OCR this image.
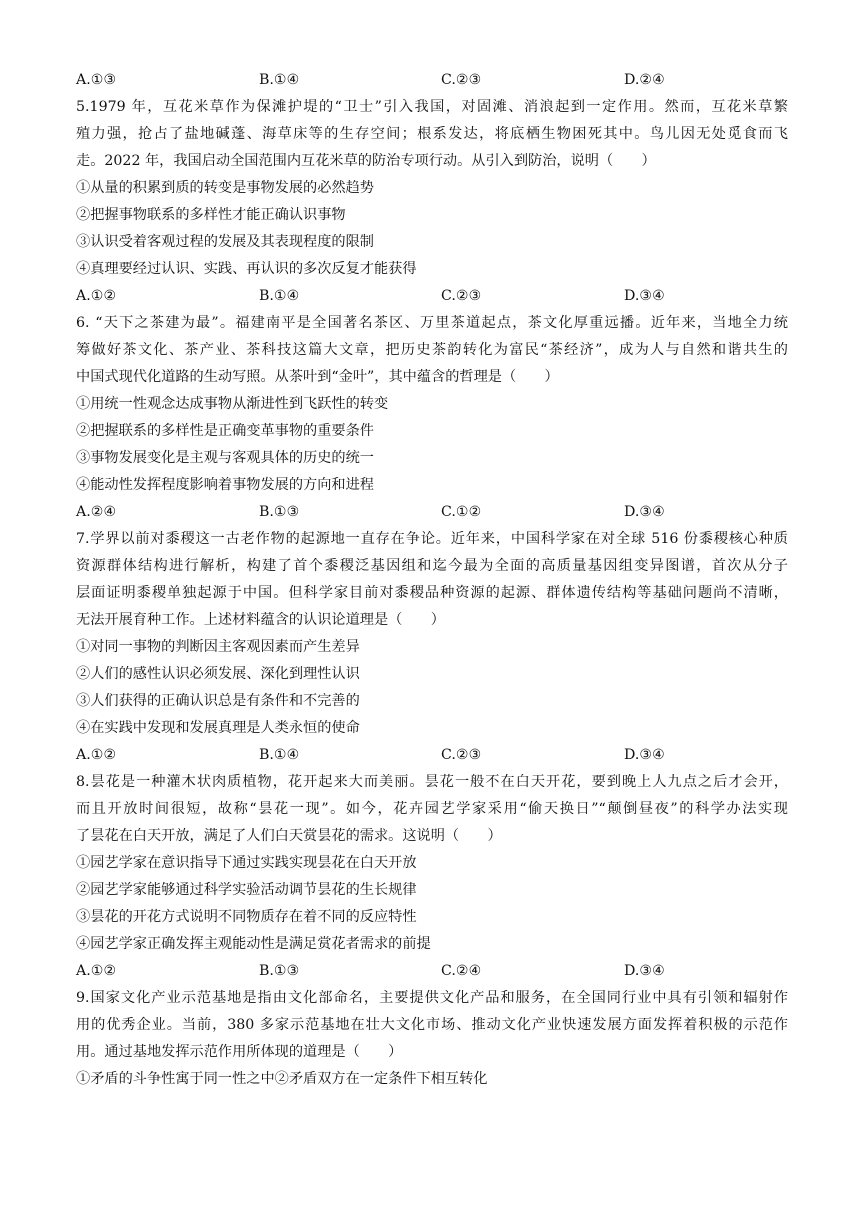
A.①③	B.①④	C.②③	D.②④
5.1979 年，互花米草作为保滩护堤的“卫士”引入我国，对固滩、消浪起到一定作用。然而，互花米草繁
殖力强，抢占了盐地碱蓬、海草床等的生存空间；根系发达，将底栖生物困死其中。鸟儿因无处觅食而飞
走。2022 年，我国启动全国范围内互花米草的防治专项行动。从引入到防治，说明（　　）
①从量的积累到质的转变是事物发展的必然趋势
②把握事物联系的多样性才能正确认识事物
③认识受着客观过程的发展及其表现程度的限制
④真理要经过认识、实践、再认识的多次反复才能获得
A.①②	B.①④	C.②③	D.③④
6. “天下之茶建为最”。福建南平是全国著名茶区、万里茶道起点，茶文化厚重远播。近年来，当地全力统
筹做好茶文化、茶产业、茶科技这篇大文章，把历史茶韵转化为富民“茶经济”，成为人与自然和谐共生的
中国式现代化道路的生动写照。从茶叶到“金叶”，其中蕴含的哲理是（　　）
①用统一性观念达成事物从渐进性到飞跃性的转变
②把握联系的多样性是正确变革事物的重要条件
③事物发展变化是主观与客观具体的历史的统一
④能动性发挥程度影响着事物发展的方向和进程
A.②④	B.①③	C.①②	D.③④
7.学界以前对黍稷这一古老作物的起源地一直存在争论。近年来，中国科学家在对全球 516 份黍稷核心种质
资源群体结构进行解析，构建了首个黍稷泛基因组和迄今最为全面的高质量基因组变异图谱，首次从分子
层面证明黍稷单独起源于中国。但科学家目前对黍稷品种资源的起源、群体遗传结构等基础问题尚不清晰，
无法开展育种工作。上述材料蕴含的认识论道理是（　　）
①对同一事物的判断因主客观因素而产生差异
②人们的感性认识必须发展、深化到理性认识
③人们获得的正确认识总是有条件和不完善的
④在实践中发现和发展真理是人类永恒的使命
A.①②	B.①④	C.②③	D.③④
8.昙花是一种灌木状肉质植物，花开起来大而美丽。昙花一般不在白天开花，要到晚上人九点之后才会开，
而且开放时间很短，故称“昙花一现”。如今，花卉园艺学家采用“偷天换日”“颠倒昼夜”的科学办法实现
了昙花在白天开放，满足了人们白天赏昙花的需求。这说明（　　）
①园艺学家在意识指导下通过实践实现昙花在白天开放
②园艺学家能够通过科学实验活动调节昙花的生长规律
③昙花的开花方式说明不同物质存在着不同的反应特性
④园艺学家正确发挥主观能动性是满足赏花者需求的前提
A.①②	B.①③	C.②④	D.③④
9.国家文化产业示范基地是指由文化部命名，主要提供文化产品和服务，在全国同行业中具有引领和辐射作
用的优秀企业。当前，380 多家示范基地在壮大文化市场、推动文化产业快速发展方面发挥着积极的示范作
用。通过基地发挥示范作用所体现的道理是（　　）
①矛盾的斗争性寓于同一性之中②矛盾双方在一定条件下相互转化
